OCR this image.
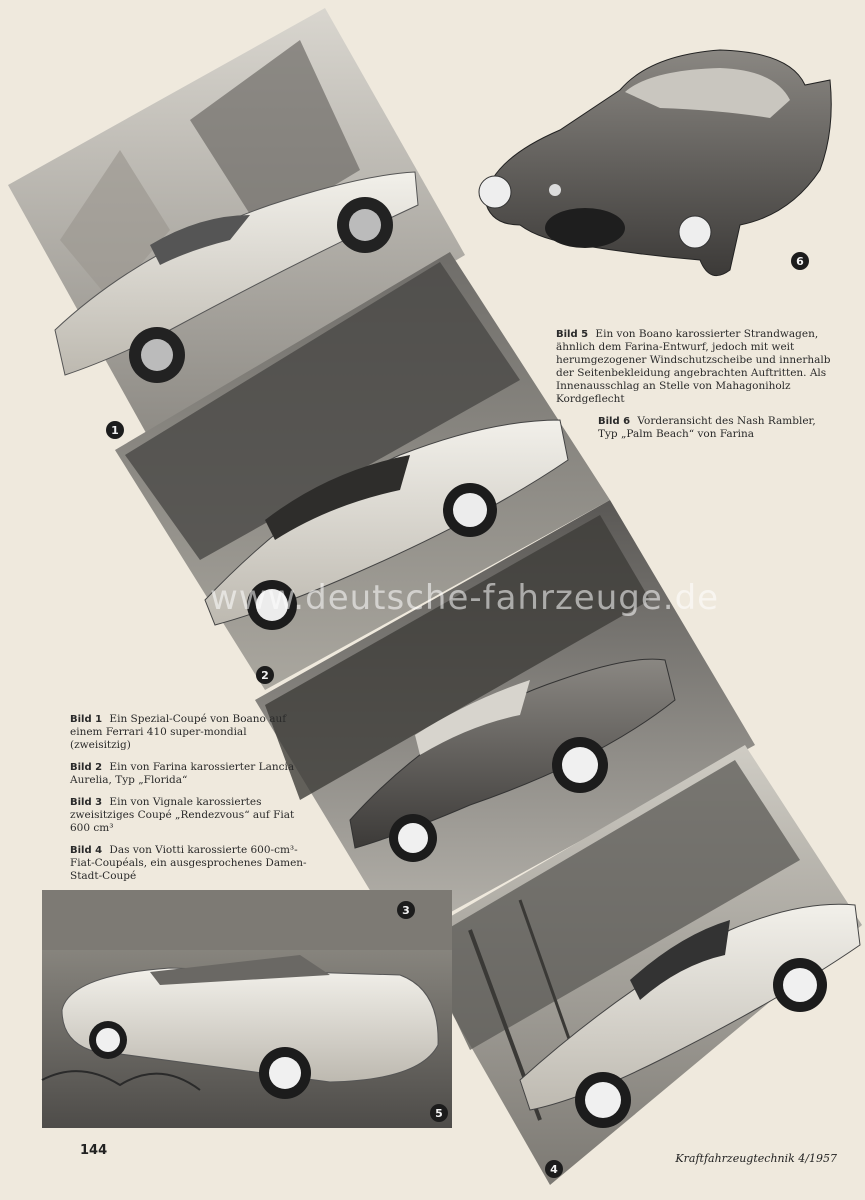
1
2
3
4
5
6
www.deutsche-fahrzeuge.de
Bild 5 Ein von Boano karossierter Strandwagen, ähnlich dem Farina-Entwurf, jedoch mit weit herumgezogener Windschutzscheibe und innerhalb der Seitenbekleidung angebrachten Auftritten. Als Innenausschlag an Stelle von Mahagoniholz Kordgeflecht
Bild 6 Vorderansicht des Nash Rambler, Typ „Palm Beach“ von Farina
Bild 1 Ein Spezial-Coupé von Boano auf einem Ferrari 410 super-mondial (zweisitzig)
Bild 2 Ein von Farina karossierter Lancia Aurelia, Typ „Florida“
Bild 3 Ein von Vignale karossiertes zweisitziges Coupé „Rendezvous“ auf Fiat 600 cm³
Bild 4 Das von Viotti karossierte 600-cm³-Fiat-Coupéals, ein ausgesprochenes Damen-Stadt-Coupé
144
Kraftfahrzeugtechnik 4/1957
